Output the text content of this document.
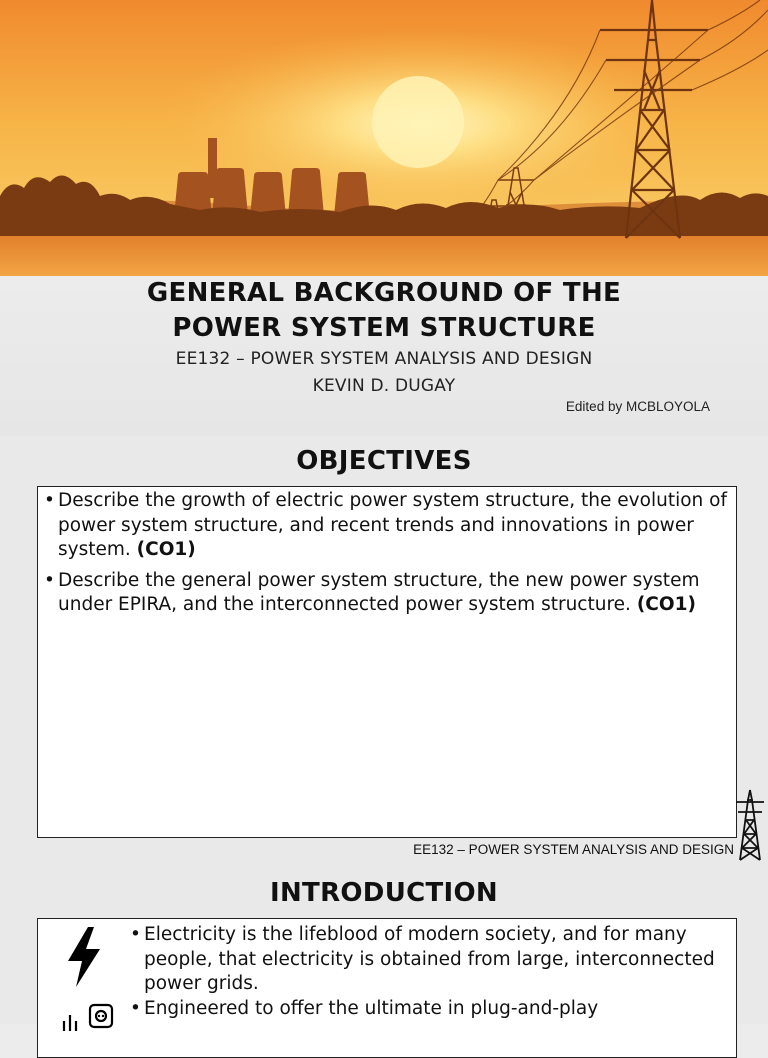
GENERAL BACKGROUND OF THE
POWER SYSTEM STRUCTURE
EE132 – POWER SYSTEM ANALYSIS AND DESIGN
KEVIN D. DUGAY
Edited by MCBLOYOLA
OBJECTIVES
• Describe the growth of electric power system structure, the evolution of power system structure, and recent trends and innovations in power system. (CO1)
• Describe the general power system structure, the new power system under EPIRA, and the interconnected power system structure. (CO1)
EE132 – POWER SYSTEM ANALYSIS AND DESIGN
INTRODUCTION
• Electricity is the lifeblood of modern society, and for many people, that electricity is obtained from large, interconnected power grids.
• Engineered to offer the ultimate in plug-and-play
